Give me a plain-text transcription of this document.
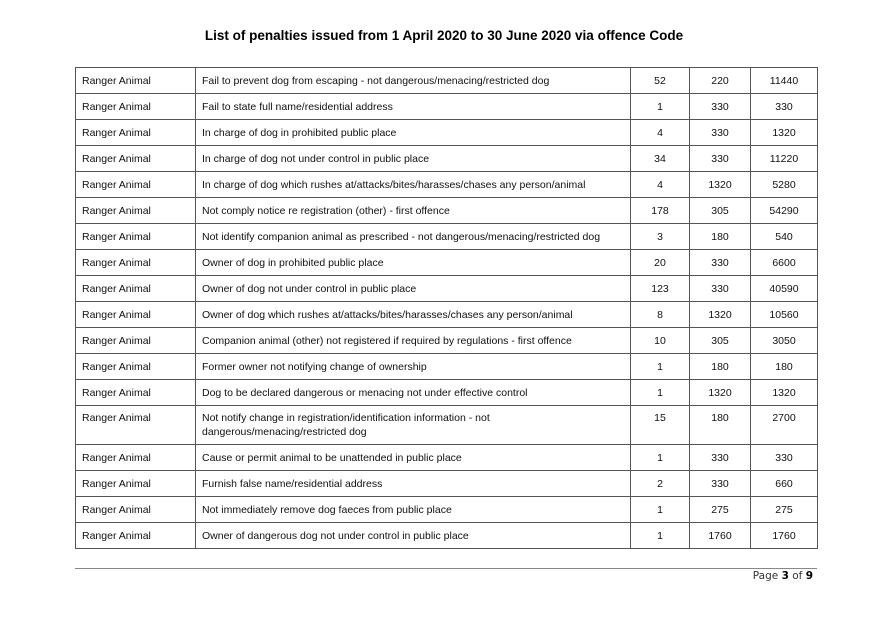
List of penalties issued from 1 April 2020 to 30 June 2020 via offence Code
Ranger Animal	Fail to prevent dog from escaping - not dangerous/menacing/restricted dog	52	220	11440
Ranger Animal	Fail to state full name/residential address	1	330	330
Ranger Animal	In charge of dog in prohibited public place	4	330	1320
Ranger Animal	In charge of dog not under control in public place	34	330	11220
Ranger Animal	In charge of dog which rushes at/attacks/bites/harasses/chases any person/animal	4	1320	5280
Ranger Animal	Not comply notice re registration (other) - first offence	178	305	54290
Ranger Animal	Not identify companion animal as prescribed - not dangerous/menacing/restricted dog	3	180	540
Ranger Animal	Owner of dog in prohibited public place	20	330	6600
Ranger Animal	Owner of dog not under control in public place	123	330	40590
Ranger Animal	Owner of dog which rushes at/attacks/bites/harasses/chases any person/animal	8	1320	10560
Ranger Animal	Companion animal (other) not registered if required by regulations - first offence	10	305	3050
Ranger Animal	Former owner not notifying change of ownership	1	180	180
Ranger Animal	Dog to be declared dangerous or menacing not under effective control	1	1320	1320
Ranger Animal	Not notify change in registration/identification information - not dangerous/menacing/restricted dog	15	180	2700
Ranger Animal	Cause or permit animal to be unattended in public place	1	330	330
Ranger Animal	Furnish false name/residential address	2	330	660
Ranger Animal	Not immediately remove dog faeces from public place	1	275	275
Ranger Animal	Owner of dangerous dog not under control in public place	1	1760	1760
Page 3 of 9
